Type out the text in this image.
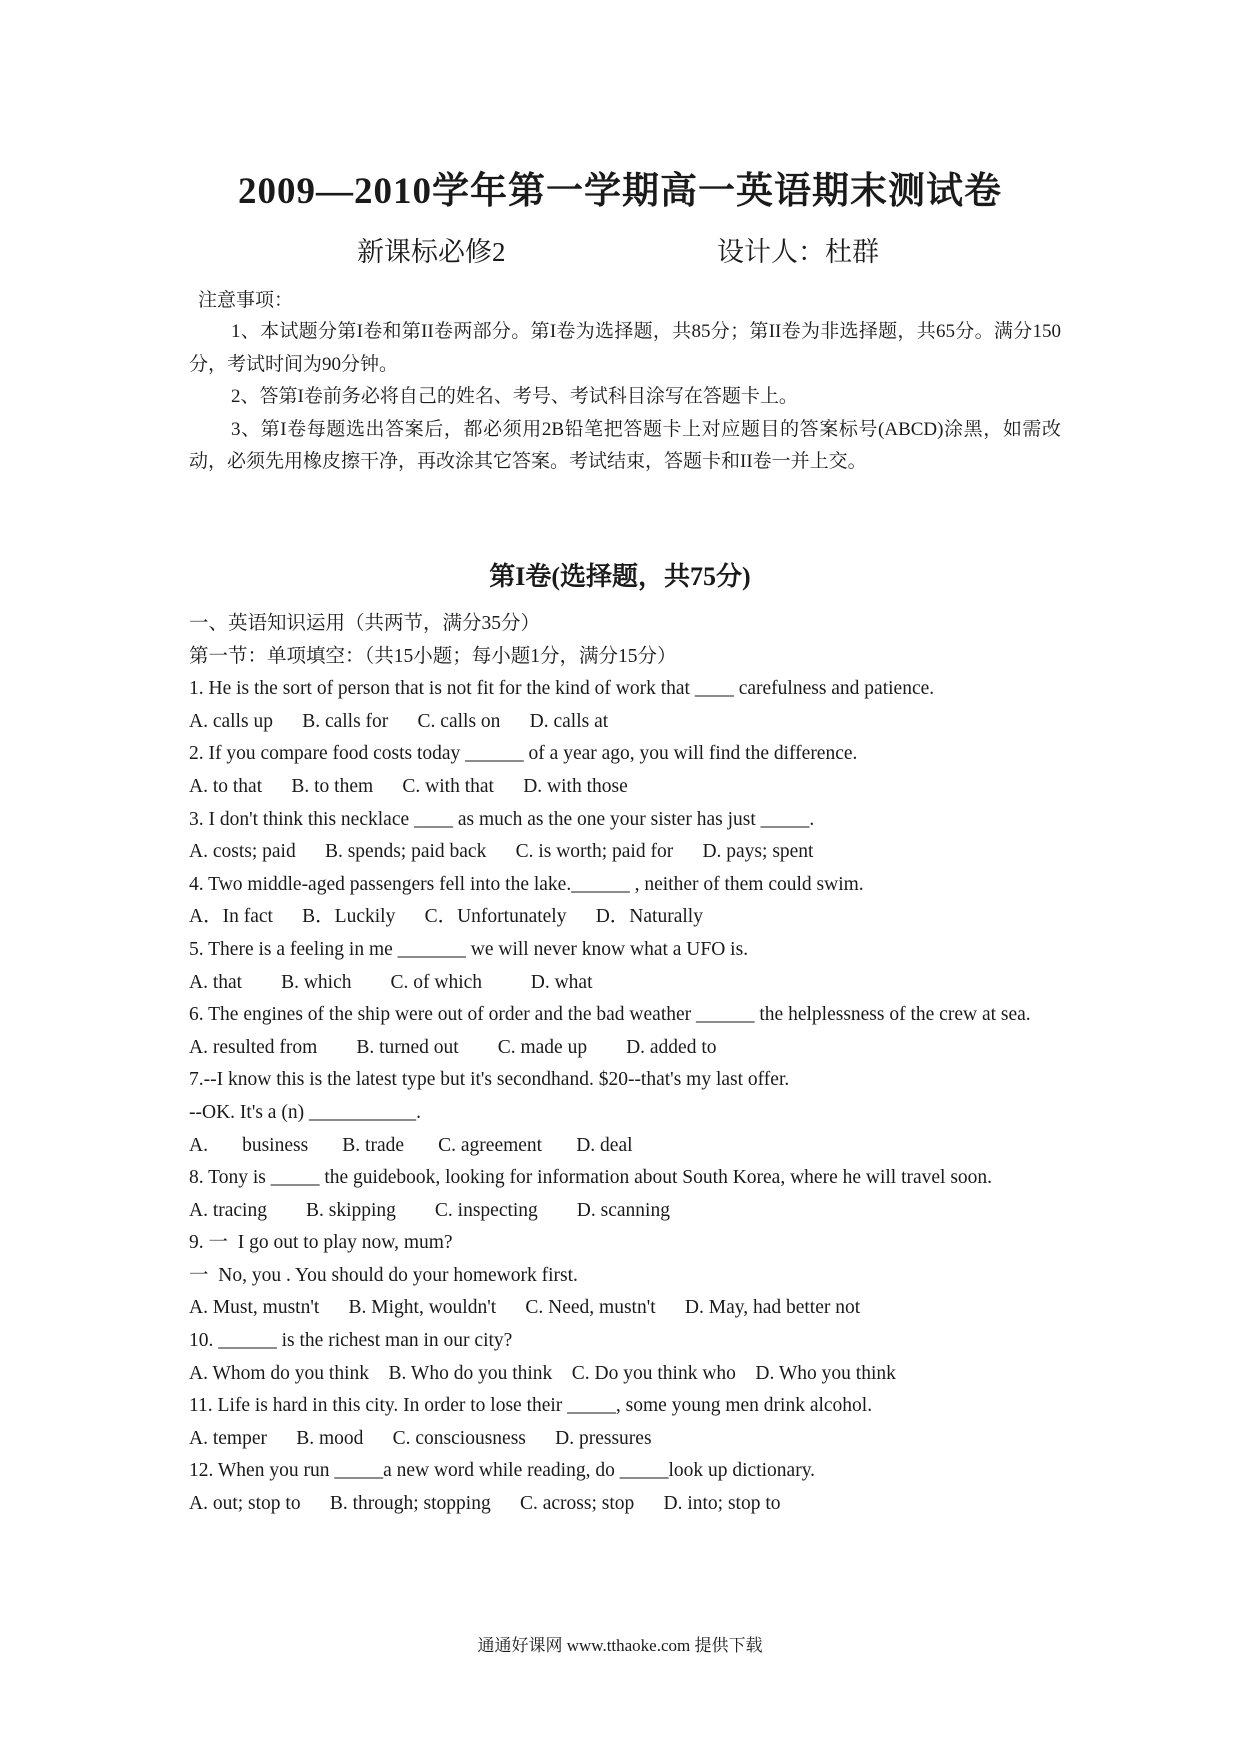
2009—2010学年第一学期高一英语期末测试卷
新课标必修2	设计人：杜群
注意事项：

1、本试题分第I卷和第II卷两部分。第I卷为选择题，共85分；第II卷为非选择题，共65分。满分150分，考试时间为90分钟。

2、答第I卷前务必将自己的姓名、考号、考试科目涂写在答题卡上。

3、第I卷每题选出答案后，都必须用2B铅笔把答题卡上对应题目的答案标号(ABCD)涂黑，如需改动，必须先用橡皮擦干净，再改涂其它答案。考试结束，答题卡和II卷一并上交。

第I卷(选择题，共75分)
一、英语知识运用（共两节，满分35分）
第一节：单项填空：（共15小题；每小题1分，满分15分）
1. He is the sort of person that is not fit for the kind of work that ____ carefulness and patience.
A. calls up      B. calls for      C. calls on      D. calls at
2. If you compare food costs today ______ of a year ago, you will find the difference.
A. to that      B. to them      C. with that      D. with those
3. I don't think this necklace ____ as much as the one your sister has just _____.
A. costs; paid      B. spends; paid back      C. is worth; paid for      D. pays; spent
4. Two middle-aged passengers fell into the lake.______ , neither of them could swim.
A．In fact      B．Luckily      C．Unfortunately      D．Naturally
5. There is a feeling in me _______ we will never know what a UFO is.
A. that        B. which        C. of which          D. what
6. The engines of the ship were out of order and the bad weather ______ the helplessness of the crew at sea.
A. resulted from        B. turned out        C. made up        D. added to
7.--I know this is the latest type but it's secondhand. $20--that's my last offer.
--OK. It's a (n) ___________.
A.       business       B. trade       C. agreement       D. deal
8. Tony is _____ the guidebook, looking for information about South Korea, where he will travel soon.
A. tracing        B. skipping        C. inspecting        D. scanning
9. 一  I go out to play now, mum?
一  No, you . You should do your homework first.
A. Must, mustn't      B. Might, wouldn't      C. Need, mustn't      D. May, had better not
10. ______ is the richest man in our city?
A. Whom do you think    B. Who do you think    C. Do you think who    D. Who you think
11. Life is hard in this city. In order to lose their _____, some young men drink alcohol.
A. temper      B. mood      C. consciousness      D. pressures
12. When you run _____a new word while reading, do _____look up dictionary.
A. out; stop to      B. through; stopping      C. across; stop      D. into; stop to
通通好课网 www.tthaoke.com 提供下载
